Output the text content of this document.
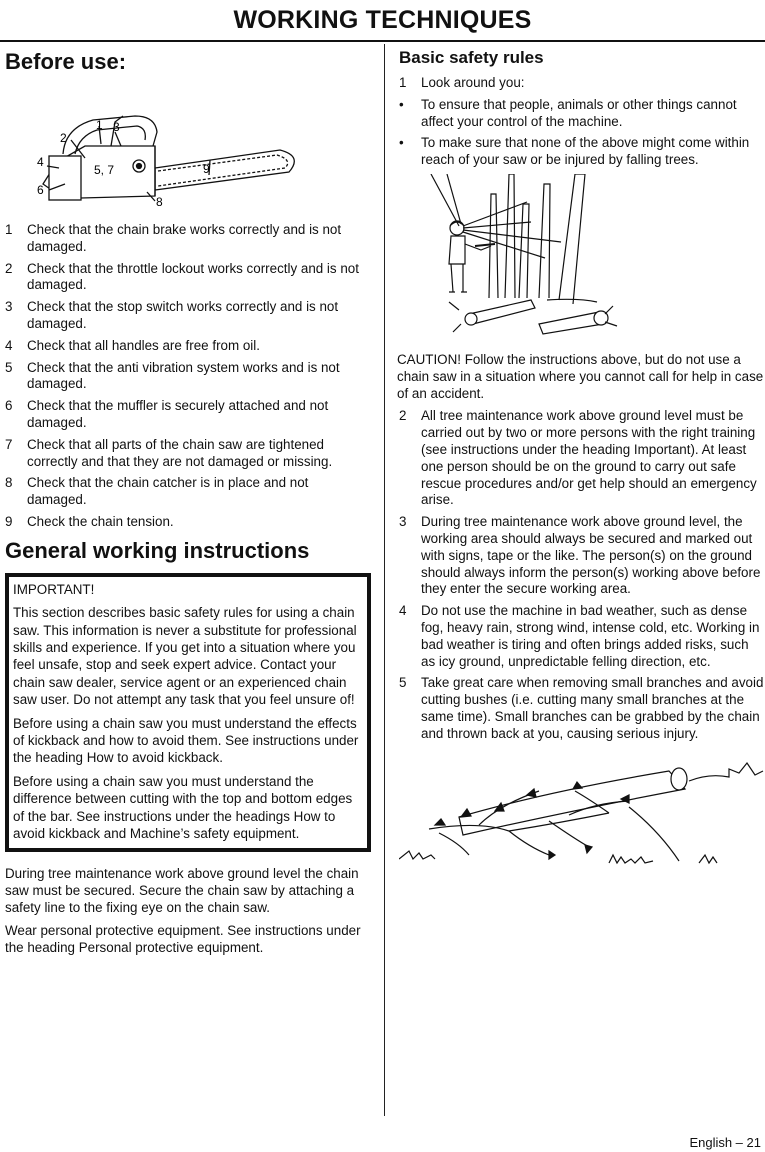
WORKING TECHNIQUES
Before use:
1
2
3
4
5, 7
6
8
9
1	Check that the chain brake works correctly and is not damaged.
2	Check that the throttle lockout works correctly and is not damaged.
3	Check that the stop switch works correctly and is not damaged.
4	Check that all handles are free from oil.
5	Check that the anti vibration system works and is not damaged.
6	Check that the muffler is securely attached and not damaged.
7	Check that all parts of the chain saw are tightened correctly and that they are not damaged or missing.
8	Check that the chain catcher is in place and not damaged.
9	Check the chain tension.
General working instructions

IMPORTANT!

This section describes basic safety rules for using a chain saw. This information is never a substitute for professional skills and experience. If you get into a situation where you feel unsafe, stop and seek expert advice. Contact your chain saw dealer, service agent or an experienced chain saw user. Do not attempt any task that you feel unsure of!

Before using a chain saw you must understand the effects of kickback and how to avoid them. See instructions under the heading How to avoid kickback.

Before using a chain saw you must understand the difference between cutting with the top and bottom edges of the bar. See instructions under the headings How to avoid kickback and Machine’s safety equipment.

During tree maintenance work above ground level the chain saw must be secured. Secure the chain saw by attaching a safety line to the fixing eye on the chain saw.

Wear personal protective equipment. See instructions under the heading Personal protective equipment.

Basic safety rules
1	Look around you:
•	To ensure that people, animals or other things cannot affect your control of the machine.
•	To make sure that none of the above might come within reach of your saw or be injured by falling trees.

CAUTION! Follow the instructions above, but do not use a chain saw in a situation where you cannot call for help in case of an accident.

2	All tree maintenance work above ground level must be carried out by two or more persons with the right training (see instructions under the heading Important). At least one person should be on the ground to carry out safe rescue procedures and/or get help should an emergency arise.
3	During tree maintenance work above ground level, the working area should always be secured and marked out with signs, tape or the like. The person(s) on the ground should always inform the person(s) working above before they enter the secure working area.
4	Do not use the machine in bad weather, such as dense fog, heavy rain, strong wind, intense cold, etc. Working in bad weather is tiring and often brings added risks, such as icy ground, unpredictable felling direction, etc.
5	Take great care when removing small branches and avoid cutting bushes (i.e. cutting many small branches at the same time). Small branches can be grabbed by the chain and thrown back at you, causing serious injury.
English – 21
